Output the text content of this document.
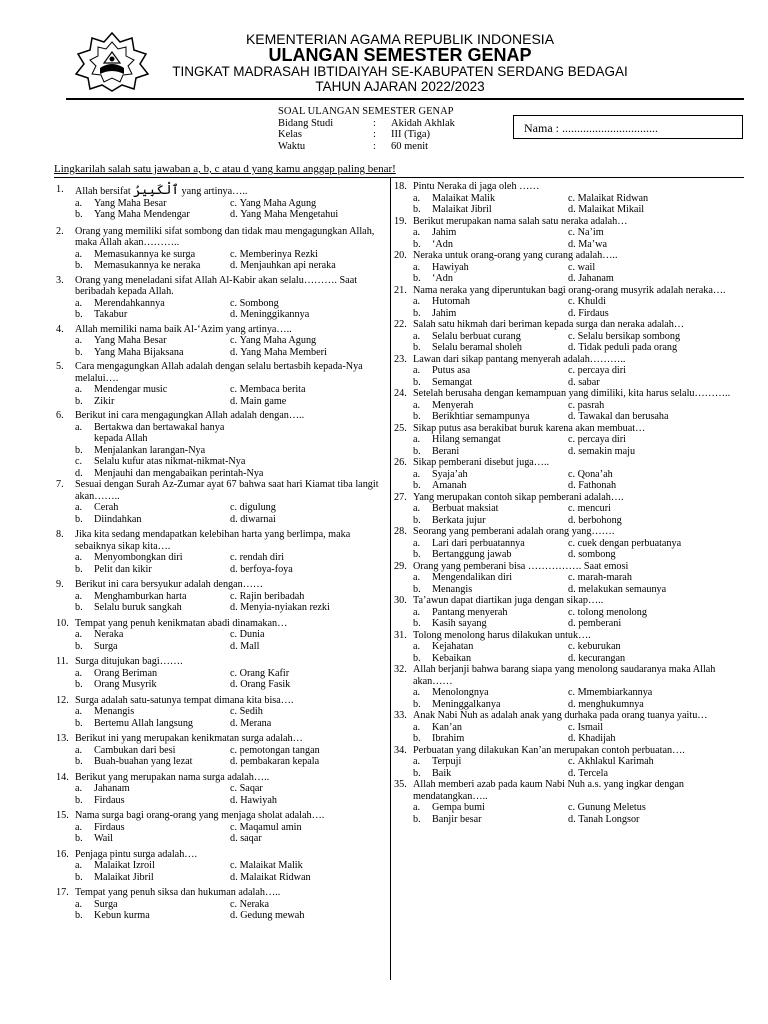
KEMENTERIAN AGAMA REPUBLIK INDONESIA
ULANGAN SEMESTER GENAP
TINGKAT MADRASAH IBTIDAIYAH SE-KABUPATEN SERDANG BEDAGAI
TAHUN AJARAN 2022/2023
SOAL ULANGAN SEMESTER GENAP
Bidang Studi	:	Akidah Akhlak
Kelas	:	III (Tiga)
Waktu	:	60 menit
Nama : ................................
Lingkarilah salah satu jawaban a, b, c atau d yang kamu anggap paling benar!
1.	Allah bersifat ٱلْكَبِيرُ yang artinya…..
a.	Yang Maha Besar	c. Yang Maha Agung
b.	Yang Maha Mendengar	d. Yang Maha Mengetahui
2.	Orang yang memiliki sifat sombong dan tidak mau mengagungkan Allah, maka Allah akan………..
a.	Memasukannya ke surga	c. Memberinya Rezki
b.	Memasukannya ke neraka	d. Menjauhkan api neraka
3.	Orang yang meneladani sifat Allah Al-Kabir akan selalu………. Saat beribadah kepada Allah.
a.	Merendahkannya	c. Sombong
b.	Takabur	d. Meninggikannya
4.	Allah memiliki nama baik Al-‘Azim yang artinya…..
a.	Yang Maha Besar	c. Yang Maha Agung
b.	Yang Maha Bijaksana	d. Yang Maha Memberi
5.	Cara mengagungkan Allah adalah dengan selalu bertasbih kepada-Nya melalui….
a.	Mendengar music	c. Membaca berita
b.	Zikir	d. Main game
6.	Berikut ini cara mengagungkan Allah adalah dengan…..
a.	Bertakwa dan bertawakal hanya kepada Allah
b.	Menjalankan larangan-Nya
c.	Selalu kufur atas nikmat-nikmat-Nya
d.	Menjauhi dan mengabaikan perintah-Nya
7.	Sesuai dengan Surah Az-Zumar ayat 67 bahwa saat hari Kiamat tiba langit akan……..
a.	Cerah	c. digulung
b.	Diindahkan	d. diwarnai
8.	Jika kita sedang mendapatkan kelebihan harta yang berlimpa, maka sebaiknya sikap kita….
a.	Menyombongkan diri	c. rendah diri
b.	Pelit dan kikir	d. berfoya-foya
9.	Berikut ini cara bersyukur adalah dengan……
a.	Menghamburkan harta	c. Rajin beribadah
b.	Selalu buruk sangkah	d. Menyia-nyiakan rezki
10. Tempat yang penuh kenikmatan abadi dinamakan…
a.	Neraka	c. Dunia
b.	Surga	d. Mall
11. Surga ditujukan bagi…….
a.	Orang Beriman	c. Orang Kafir
b.	Orang Musyrik	d. Orang Fasik
12. Surga adalah satu-satunya tempat dimana kita bisa….
a.	Menangis	c. Sedih
b.	Bertemu Allah langsung	d. Merana
13. Berikut ini yang merupakan kenikmatan surga adalah…
a.	Cambukan dari besi	c. pemotongan tangan
b.	Buah-buahan yang lezat	d. pembakaran kepala
14. Berikut yang merupakan nama surga adalah…..
a.	Jahanam	c. Saqar
b.	Firdaus	d. Hawiyah
15. Nama surga bagi orang-orang yang menjaga sholat adalah….
a.	Firdaus	c. Maqamul amin
b.	Wail	d. saqar
16. Penjaga pintu surga adalah….
a.	Malaikat Izroil	c. Malaikat Malik
b.	Malaikat Jibril	d. Malaikat Ridwan
17. Tempat yang penuh siksa dan hukuman adalah…..
a.	Surga	c. Neraka
b.	Kebun kurma	d. Gedung mewah
18. Pintu Neraka di jaga oleh ……
a.	Malaikat Malik	c. Malaikat Ridwan
b.	Malaikat Jibril	d. Malaikat Mikail
19. Berikut merupakan nama salah satu neraka adalah…
a.	Jahim	c. Na’im
b.	‘Adn	d. Ma’wa
20. Neraka untuk orang-orang yang curang adalah…..
a.	Hawiyah	c. wail
b.	‘Adn	d. Jahanam
21. Nama neraka yang diperuntukan bagi orang-orang musyrik adalah neraka….
a.	Hutomah	c. Khuldi
b.	Jahim	d. Firdaus
22. Salah satu hikmah dari beriman kepada surga dan neraka adalah…
a.	Selalu berbuat curang	c. Selalu bersikap sombong
b.	Selalu beramal sholeh	d. Tidak peduli pada orang
23. Lawan dari sikap pantang menyerah adalah………..
a.	Putus asa	c. percaya diri
b.	Semangat	d. sabar
24. Setelah berusaha dengan kemampuan yang dimiliki, kita harus selalu………..
a.	Menyerah	c. pasrah
b.	Berikhtiar semampunya	d. Tawakal dan berusaha
25. Sikap putus asa berakibat buruk karena akan membuat…
a.	Hilang semangat	c. percaya diri
b.	Berani	d. semakin maju
26. Sikap pemberani disebut juga…..
a.	Syaja’ah	c. Qona’ah
b.	Amanah	d. Fathonah
27. Yang merupakan contoh sikap pemberani adalah….
a.	Berbuat maksiat	c. mencuri
b.	Berkata jujur	d. berbohong
28. Seorang yang pemberani adalah orang yang…….
a.	Lari dari perbuatannya	c. cuek dengan perbuatanya
b.	Bertanggung jawab	d. sombong
29. Orang yang pemberani bisa ……………. Saat emosi
a.	Mengendalikan diri	c. marah-marah
b.	Menangis	d. melakukan semaunya
30. Ta’awun dapat diartikan juga dengan sikap…..
a.	Pantang menyerah	c. tolong menolong
b.	Kasih sayang	d. pemberani
31. Tolong menolong harus dilakukan untuk….
a.	Kejahatan	c. keburukan
b.	Kebaikan	d. kecurangan
32. Allah berjanji bahwa barang siapa yang menolong saudaranya maka Allah akan……
a.	Menolongnya	c. Mmembiarkannya
b.	Meninggalkanya	d. menghukumnya
33. Anak Nabi Nuh as adalah anak yang durhaka pada orang tuanya yaitu…
a.	Kan’an	c. Ismail
b.	Ibrahim	d. Khadijah
34. Perbuatan yang dilakukan Kan’an merupakan contoh perbuatan….
a.	Terpuji	c. Akhlakul Karimah
b.	Baik	d. Tercela
35. Allah memberi azab pada kaum Nabi Nuh a.s. yang ingkar dengan mendatangkan…..
a.	Gempa bumi	c. Gunung Meletus
b.	Banjir besar	d. Tanah Longsor
